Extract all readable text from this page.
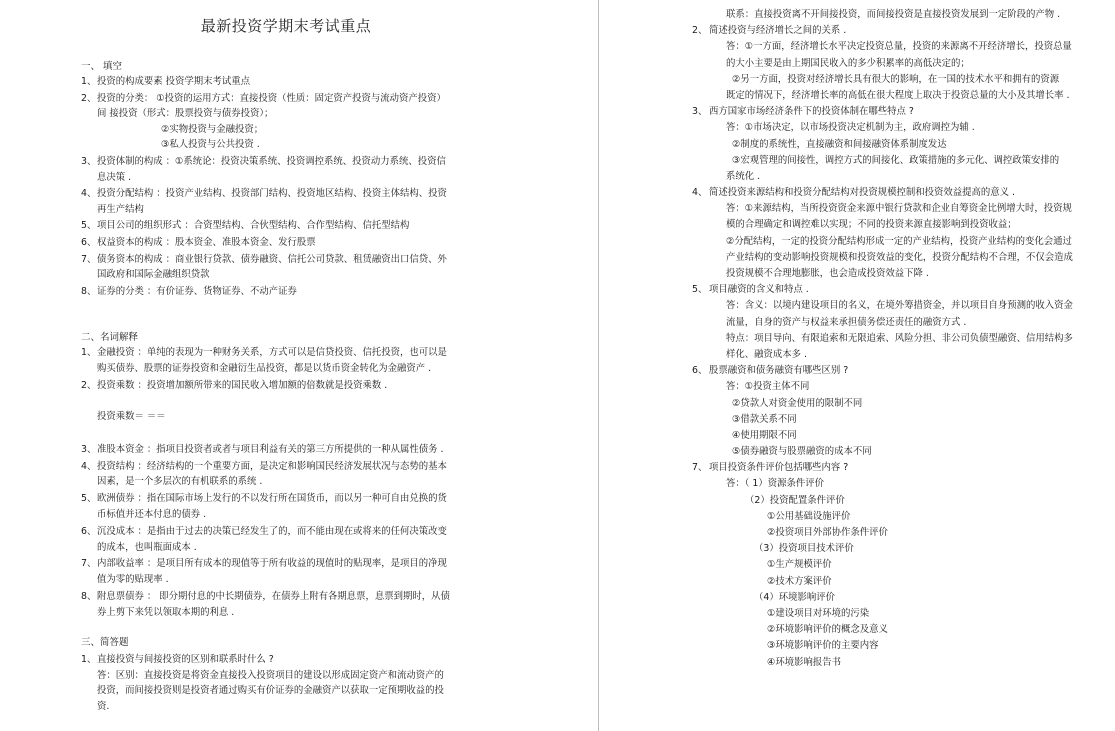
最新投资学期末考试重点
一、 填空
1、 投资的构成要素 投资学期末考试重点
2、 投资的分类： ①投资的运用方式：直接投资（性质：固定资产投资与流动资产投资）
间 接投资（形式：股票投资与债券投资）；
②实物投资与金融投资；
③私人投资与公共投资 .
3、 投资体制的构成 ：①系统论：投资决策系统、投资调控系统、投资动力系统、投资信
息决策 .
4、 投资分配结构 ：投资产业结构、投资部门结构、投资地区结构、投资主体结构、投资
再生产结构
5、 项目公司的组织形式 ：合资型结构、合伙型结构、合作型结构、信托型结构
6、 权益资本的构成 ：股本资金、准股本资金、发行股票
7、 债务资本的构成 ：商业银行贷款、债券融资、信托公司贷款、租赁融资出口信贷、外
国政府和国际金融组织贷款
8、 证券的分类 ：有价证券、货物证券、不动产证券
二、名词解释
1、 金融投资 ：单纯的表现为一种财务关系，方式可以是信贷投资、信托投资，也可以是
购买债券、股票的证券投资和金融衍生品投资，都是以货币资金转化为金融资产 .
2、 投资乘数 ：投资增加额所带来的国民收入增加额的倍数就是投资乘数 .
投资乘数＝ ＝＝
3、 准股本资金 ：指项目投资者或者与项目利益有关的第三方所提供的一种从属性债务 .
4、 投资结构 ：经济结构的一个重要方面，是决定和影响国民经济发展状况与态势的基本
因素，是一个多层次的有机联系的系统 .
5、 欧洲债券 ：指在国际市场上发行的不以发行所在国货币，而以另一种可自由兑换的货
币标值并还本付息的债券 .
6、 沉没成本 ：是指由于过去的决策已经发生了的，而不能由现在或将来的任何决策改变
的成本，也叫瓶面成本 .
7、 内部收益率 ：是项目所有成本的现值等于所有收益的现值时的贴现率，是项目的净现
值为零的贴现率 .
8、 附息票债券 ： 即分期付息的中长期债券，在债券上附有各期息票，息票到期时，从债
券上剪下来凭以领取本期的利息 .
三、简答题
1、 直接投资与间接投资的区别和联系时什么 ?
答：区别：直接投资是将资金直接投入投资项目的建设以形成固定资产和流动资产的
投资，而间接投资则是投资者通过购买有价证券的金融资产以获取一定预期收益的投
资.
联系：直接投资离不开间接投资，而间接投资是直接投资发展到一定阶段的产物 .
2、 简述投资与经济增长之间的关系 .
答：①一方面，经济增长水平决定投资总量，投资的来源离不开经济增长，投资总量
的大小主要是由上期国民收入的多少积累率的高低决定的；
②另一方面，投资对经济增长具有很大的影响，在一国的技术水平和拥有的资源
既定的情况下，经济增长率的高低在很大程度上取决于投资总量的大小及其增长率 .
3、 西方国家市场经济条件下的投资体制在哪些特点 ?
答：①市场决定，以市场投资决定机制为主，政府调控为辅 .
②制度的系统性，直接融资和间接融资体系制度发达
③宏观管理的间接性，调控方式的间接化、政策措施的多元化、调控政策安排的
系统化 .
4、 简述投资来源结构和投资分配结构对投资规模控制和投资效益提高的意义 .
答：①来源结构，当所投资资金来源中银行贷款和企业自筹资金比例增大时，投资规
模的合理确定和调控难以实现；不同的投资来源直接影响到投资收益；
②分配结构，一定的投资分配结构形成一定的产业结构，投资产业结构的变化会通过
产业结构的变动影响投资规模和投资效益的变化，投资分配结构不合理，不仅会造成
投资规模不合理地膨胀，也会造成投资效益下降 .
5、 项目融资的含义和特点 .
答：含义：以境内建设项目的名义，在境外筹措资金，并以项目自身预测的收入资金
流量，自身的资产与权益来承担债务偿还责任的融资方式 .
特点：项目导向、有限追索和无限追索、风险分担、非公司负债型融资、信用结构多
样化、融资成本多 .
6、 股票融资和债务融资有哪些区别 ?
答：①投资主体不同
②贷款人对资金使用的限制不同
③借款关系不同
④使用期限不同
⑤债券融资与股票融资的成本不同
7、 项目投资条件评价包括哪些内容 ?
答：（ 1）资源条件评价
（2）投资配置条件评价
①公用基础设施评价
②投资项目外部协作条件评价
（3）投资项目技术评价
①生产规模评价
②技术方案评价
（4）环境影响评价
①建设项目对环境的污染
②环境影响评价的概念及意义
③环境影响评价的主要内容
④环境影响报告书
